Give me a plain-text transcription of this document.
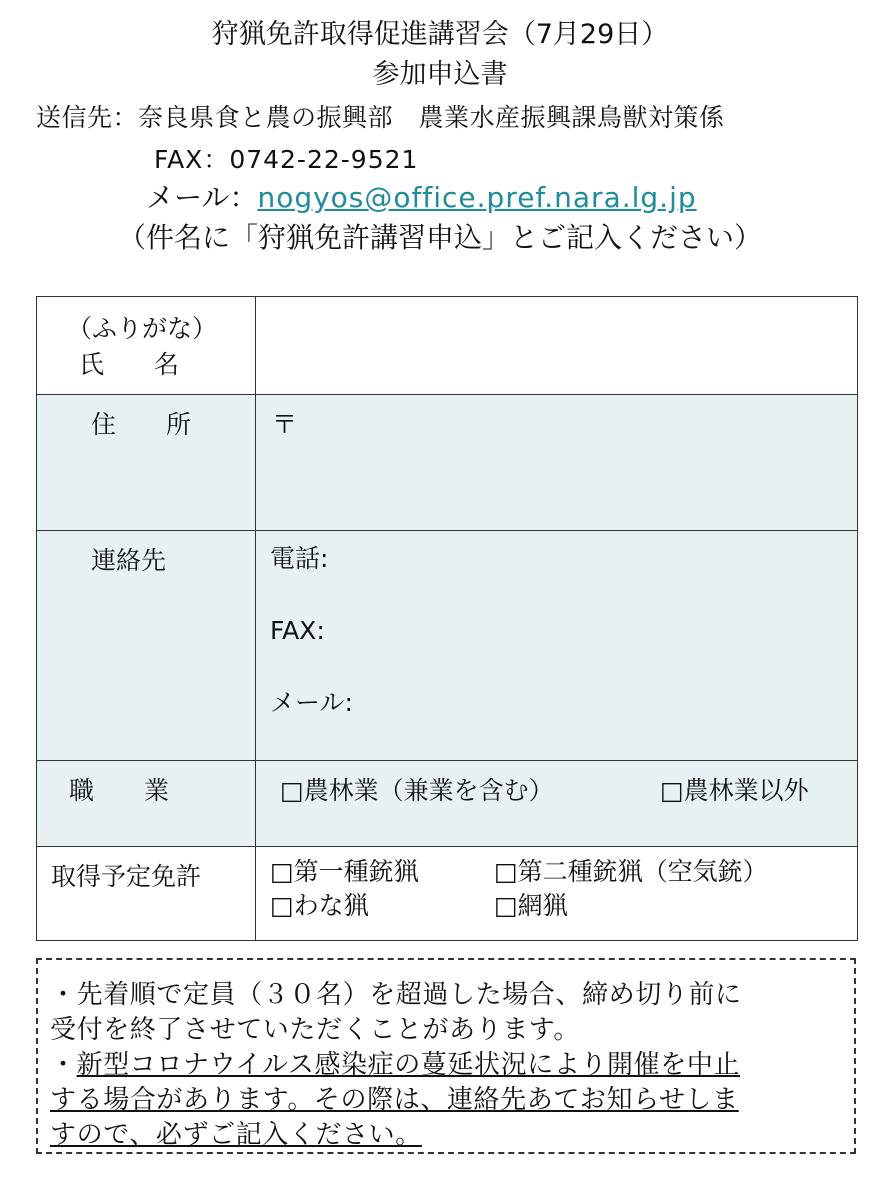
狩猟免許取得促進講習会（7月29日）
参加申込書
送信先：奈良県食と農の振興部　農業水産振興課鳥獣対策係
FAX：0742-22-9521
メール：nogyos@office.pref.nara.lg.jp
（件名に「狩猟免許講習申込」とご記入ください）
（ふりがな）
氏　　名	

住　　所	〒

連絡先	電話:
FAX:
メール:

職　　業	□農林業（兼業を含む） □農林業以外

取得予定免許	□第一種銃猟 □第二種銃猟（空気銃）
□わな猟 □網猟
・先着順で定員（３０名）を超過した場合、締め切り前に
受付を終了させていただくことがあります。
・新型コロナウイルス感染症の蔓延状況により開催を中止
する場合があります。その際は、連絡先あてお知らせしま
すので、必ずご記入ください。
